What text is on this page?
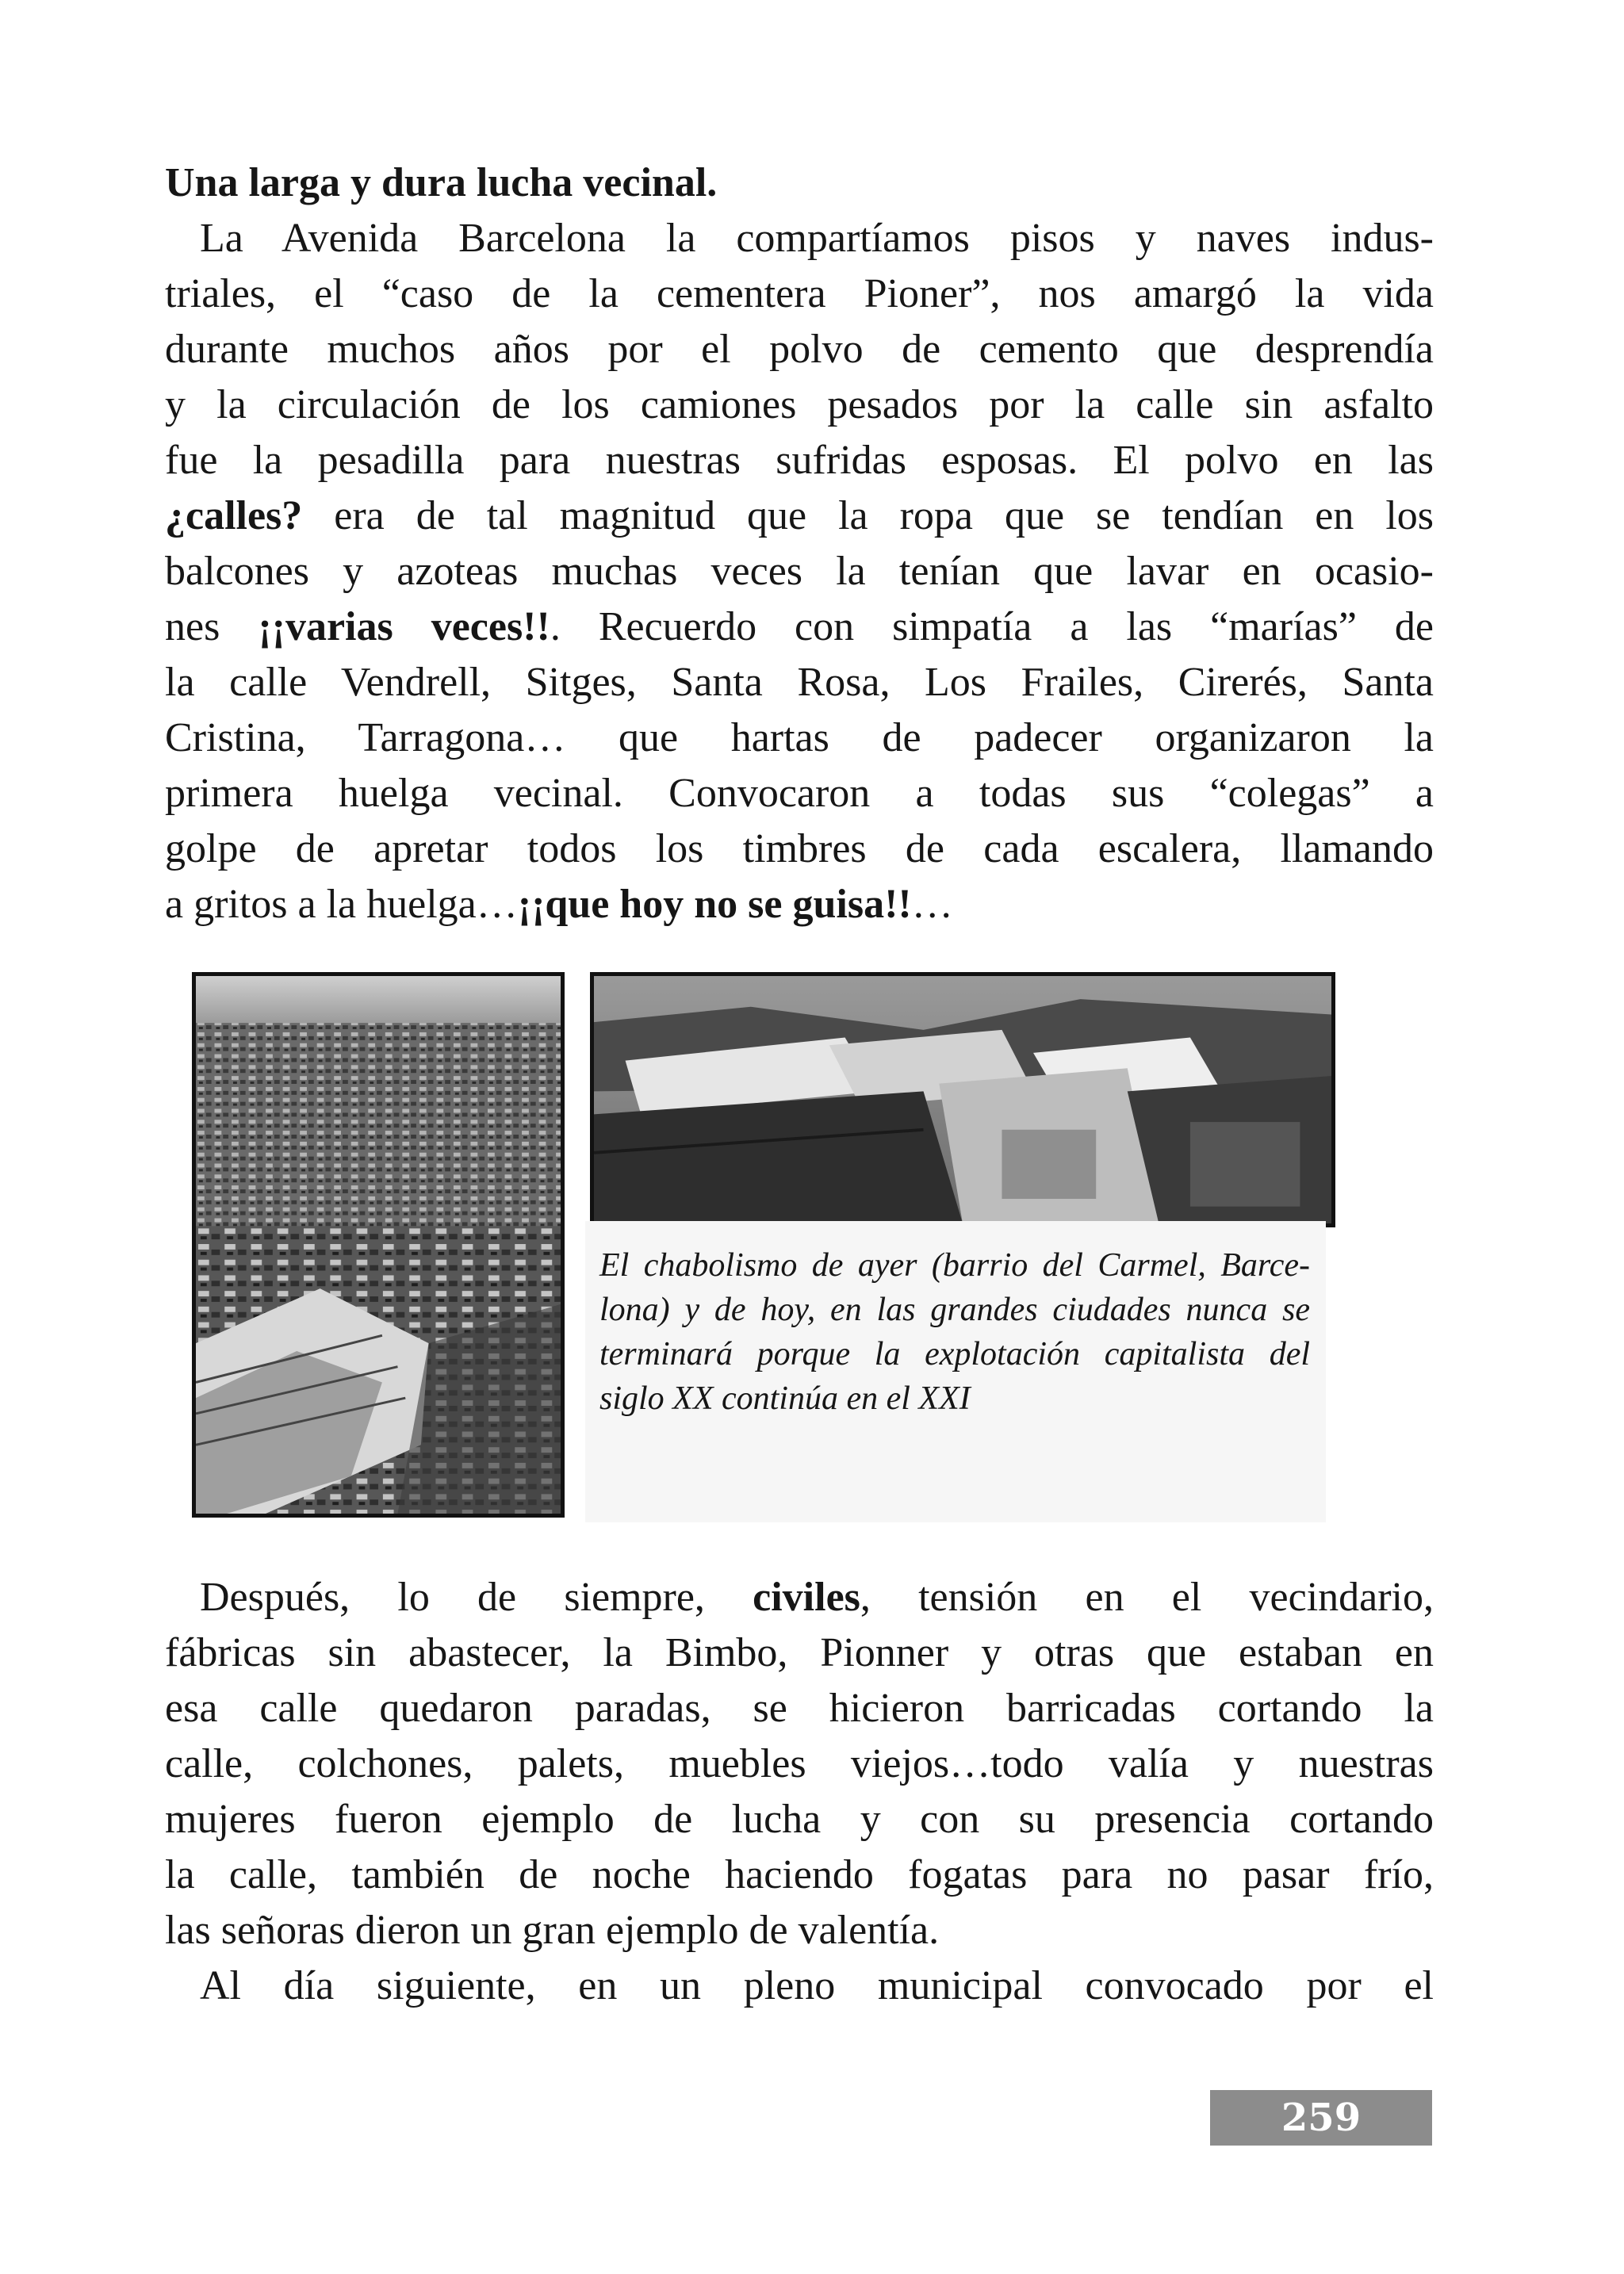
Una larga y dura lucha vecinal.
La Avenida Barcelona la compartíamos pisos y naves indus-
triales, el “caso de la cementera Pioner”, nos amargó la vida
durante muchos años por el polvo de cemento que desprendía
y la circulación de los camiones pesados por la calle sin asfalto
fue la pesadilla para nuestras sufridas esposas. El polvo en las
¿calles? era de tal magnitud que la ropa que se tendían en los
balcones y azoteas muchas veces la tenían que lavar en ocasio-
nes ¡¡varias veces!!. Recuerdo con simpatía a las “marías” de
la calle Vendrell, Sitges, Santa Rosa, Los Frailes, Cirerés, Santa
Cristina, Tarragona… que hartas de padecer organizaron la
primera huelga vecinal. Convocaron a todas sus “colegas” a
golpe de apretar todos los timbres de cada escalera, llamando
a gritos a la huelga…¡¡que hoy no se guisa!!…
El chabolismo de ayer (barrio del Carmel, Barce-
lona) y de hoy, en las grandes ciudades nunca se
terminará porque la explotación capitalista del
siglo XX continúa en el XXI
Después, lo de siempre, civiles, tensión en el vecindario,
fábricas sin abastecer, la Bimbo, Pionner y otras que estaban en
esa calle quedaron paradas, se hicieron barricadas cortando la
calle, colchones, palets, muebles viejos…todo valía y nuestras
mujeres fueron ejemplo de lucha y con su presencia cortando
la calle, también de noche haciendo fogatas para no pasar frío,
las señoras dieron un gran ejemplo de valentía.
Al día siguiente, en un pleno municipal convocado por el
259
